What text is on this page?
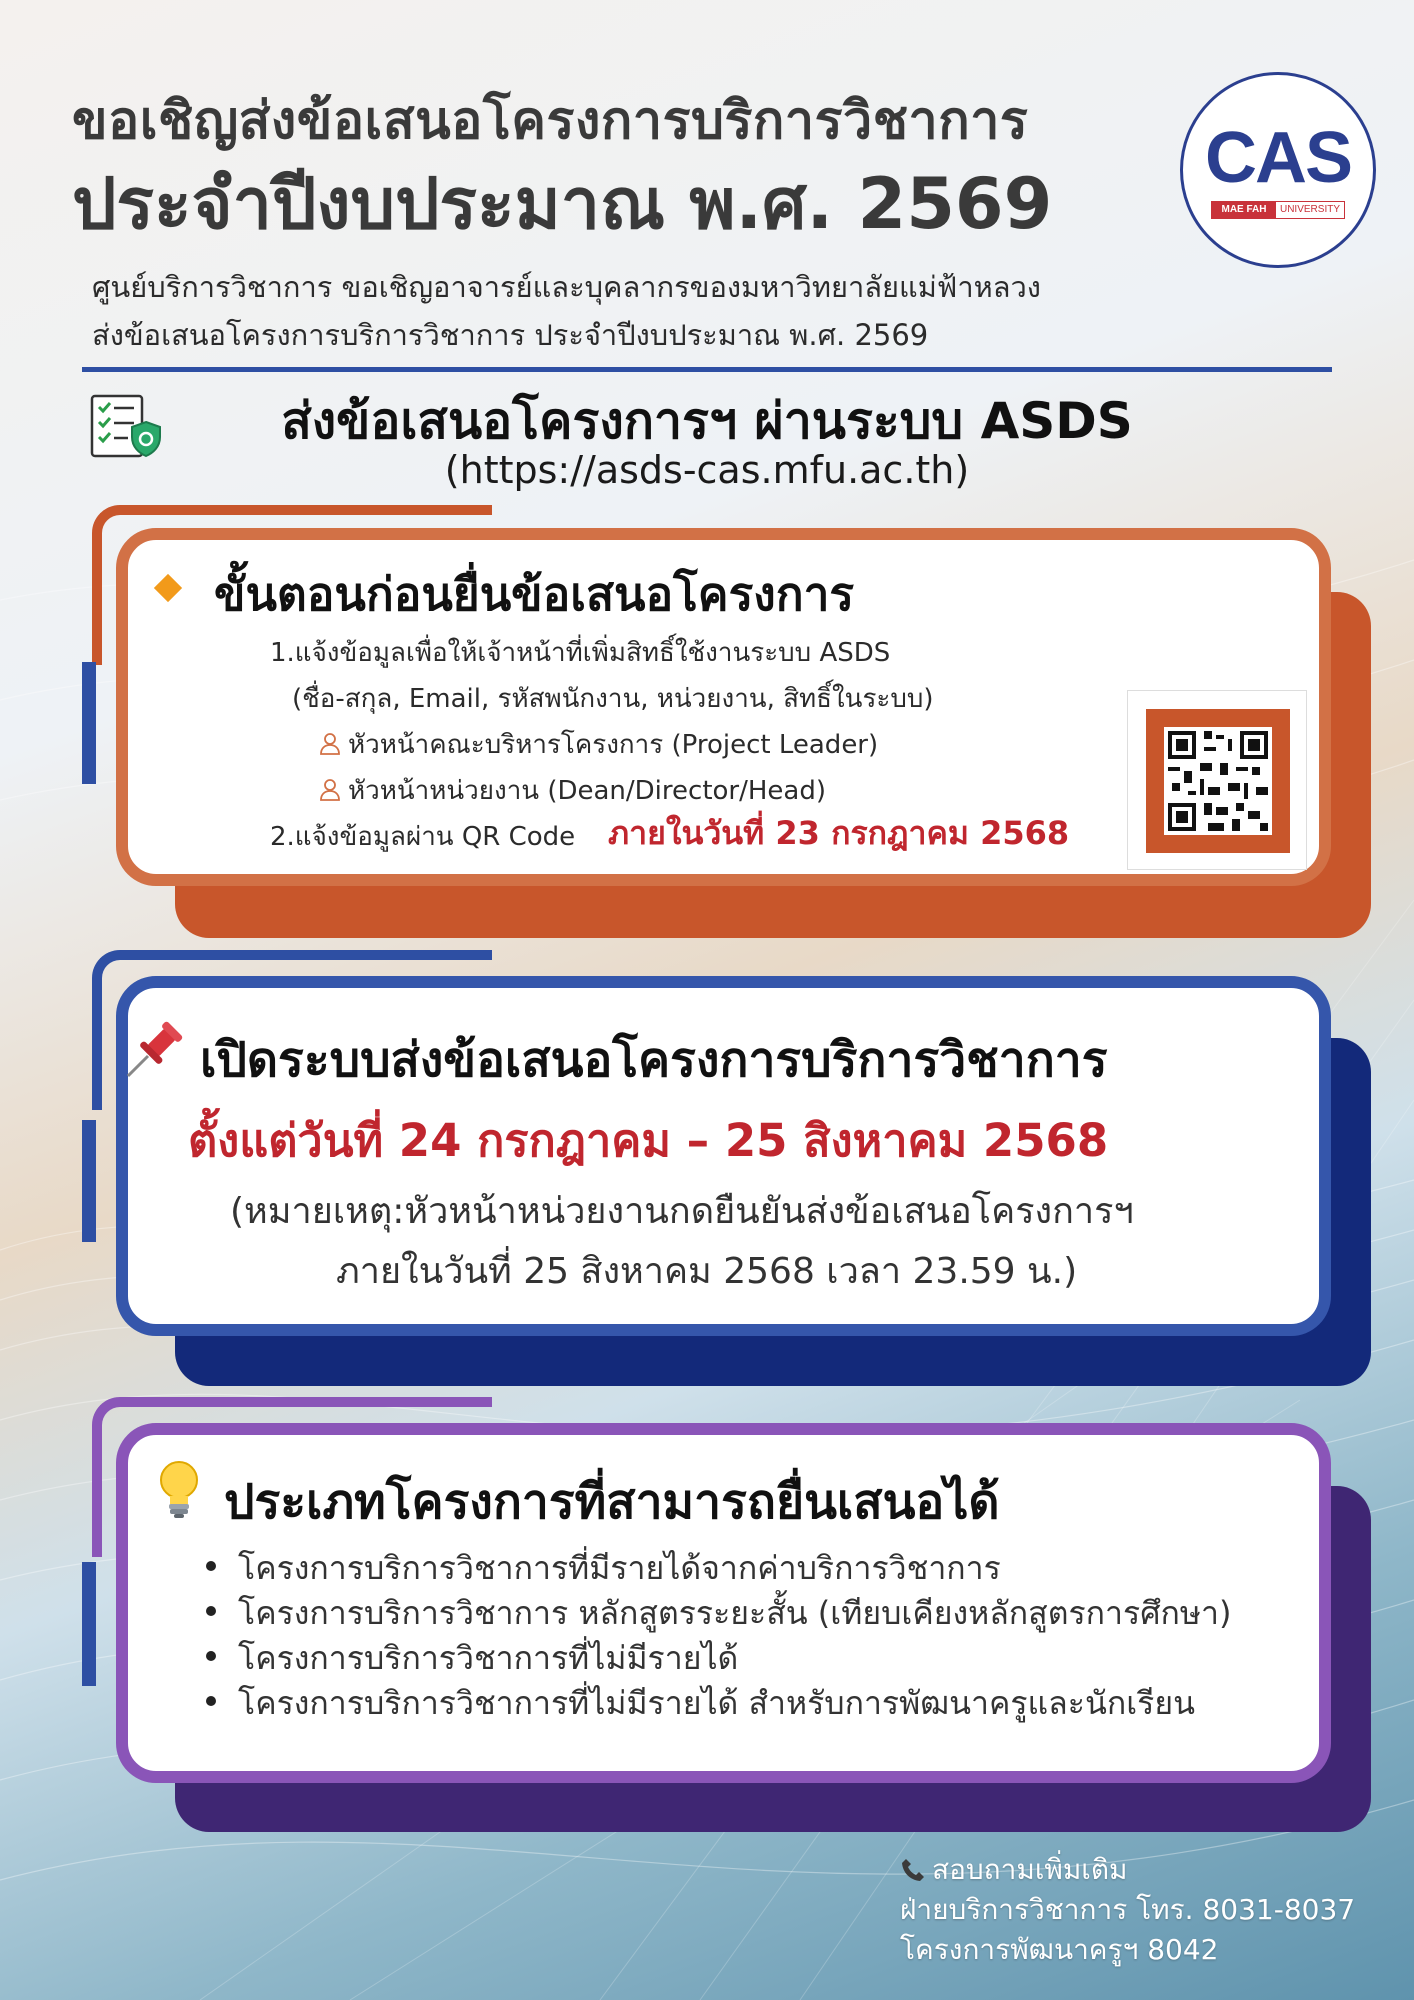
ขอเชิญส่งข้อเสนอโครงการบริการวิชาการ
ประจำปีงบประมาณ พ.ศ. 2569
CAS
MAE FAH LUANG
UNIVERSITY
ศูนย์บริการวิชาการ ขอเชิญอาจารย์และบุคลากรของมหาวิทยาลัยแม่ฟ้าหลวง
ส่งข้อเสนอโครงการบริการวิชาการ ประจำปีงบประมาณ พ.ศ. 2569
ส่งข้อเสนอโครงการฯ ผ่านระบบ ASDS
(https://asds-cas.mfu.ac.th)
ขั้นตอนก่อนยื่นข้อเสนอโครงการ
1.แจ้งข้อมูลเพื่อให้เจ้าหน้าที่เพิ่มสิทธิ์ใช้งานระบบ ASDS
(ชื่อ-สกุล, Email, รหัสพนักงาน, หน่วยงาน, สิทธิ์ในระบบ)
หัวหน้าคณะบริหารโครงการ (Project Leader)
หัวหน้าหน่วยงาน (Dean/Director/Head)
2.แจ้งข้อมูลผ่าน QR Code ภายในวันที่ 23 กรกฎาคม 2568
เปิดระบบส่งข้อเสนอโครงการบริการวิชาการ
ตั้งแต่วันที่ 24 กรกฎาคม – 25 สิงหาคม 2568
(หมายเหตุ:หัวหน้าหน่วยงานกดยืนยันส่งข้อเสนอโครงการฯ
ภายในวันที่ 25 สิงหาคม 2568 เวลา 23.59 น.)
ประเภทโครงการที่สามารถยื่นเสนอได้
โครงการบริการวิชาการที่มีรายได้จากค่าบริการวิชาการ
โครงการบริการวิชาการ หลักสูตรระยะสั้น (เทียบเคียงหลักสูตรการศึกษา)
โครงการบริการวิชาการที่ไม่มีรายได้
โครงการบริการวิชาการที่ไม่มีรายได้ สำหรับการพัฒนาครูและนักเรียน
สอบถามเพิ่มเติม
ฝ่ายบริการวิชาการ โทร. 8031-8037
โครงการพัฒนาครูฯ 8042
